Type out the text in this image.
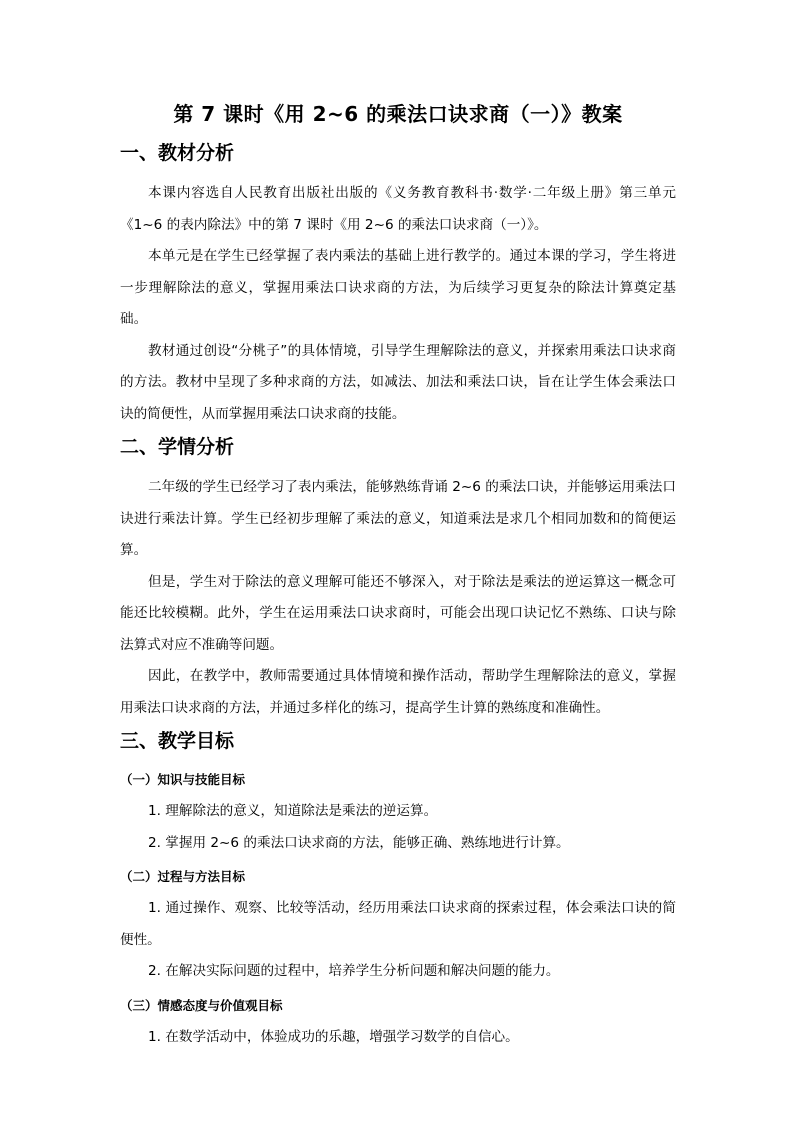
第 7 课时《用 2~6 的乘法口诀求商（一）》教案
一、教材分析

本课内容选自人民教育出版社出版的《义务教育教科书·数学·二年级上册》第三单元《1~6 的表内除法》中的第 7 课时《用 2~6 的乘法口诀求商（一）》。

本单元是在学生已经掌握了表内乘法的基础上进行教学的。通过本课的学习，学生将进一步理解除法的意义，掌握用乘法口诀求商的方法，为后续学习更复杂的除法计算奠定基础。

教材通过创设“分桃子”的具体情境，引导学生理解除法的意义，并探索用乘法口诀求商的方法。教材中呈现了多种求商的方法，如减法、加法和乘法口诀，旨在让学生体会乘法口诀的简便性，从而掌握用乘法口诀求商的技能。

二、学情分析

二年级的学生已经学习了表内乘法，能够熟练背诵 2~6 的乘法口诀，并能够运用乘法口诀进行乘法计算。学生已经初步理解了乘法的意义，知道乘法是求几个相同加数和的简便运算。

但是，学生对于除法的意义理解可能还不够深入，对于除法是乘法的逆运算这一概念可能还比较模糊。此外，学生在运用乘法口诀求商时，可能会出现口诀记忆不熟练、口诀与除法算式对应不准确等问题。

因此，在教学中，教师需要通过具体情境和操作活动，帮助学生理解除法的意义，掌握用乘法口诀求商的方法，并通过多样化的练习，提高学生计算的熟练度和准确性。

三、教学目标
（一）知识与技能目标

1. 理解除法的意义，知道除法是乘法的逆运算。

2. 掌握用 2~6 的乘法口诀求商的方法，能够正确、熟练地进行计算。

（二）过程与方法目标

1. 通过操作、观察、比较等活动，经历用乘法口诀求商的探索过程，体会乘法口诀的简便性。

2. 在解决实际问题的过程中，培养学生分析问题和解决问题的能力。

（三）情感态度与价值观目标

1. 在数学活动中，体验成功的乐趣，增强学习数学的自信心。
